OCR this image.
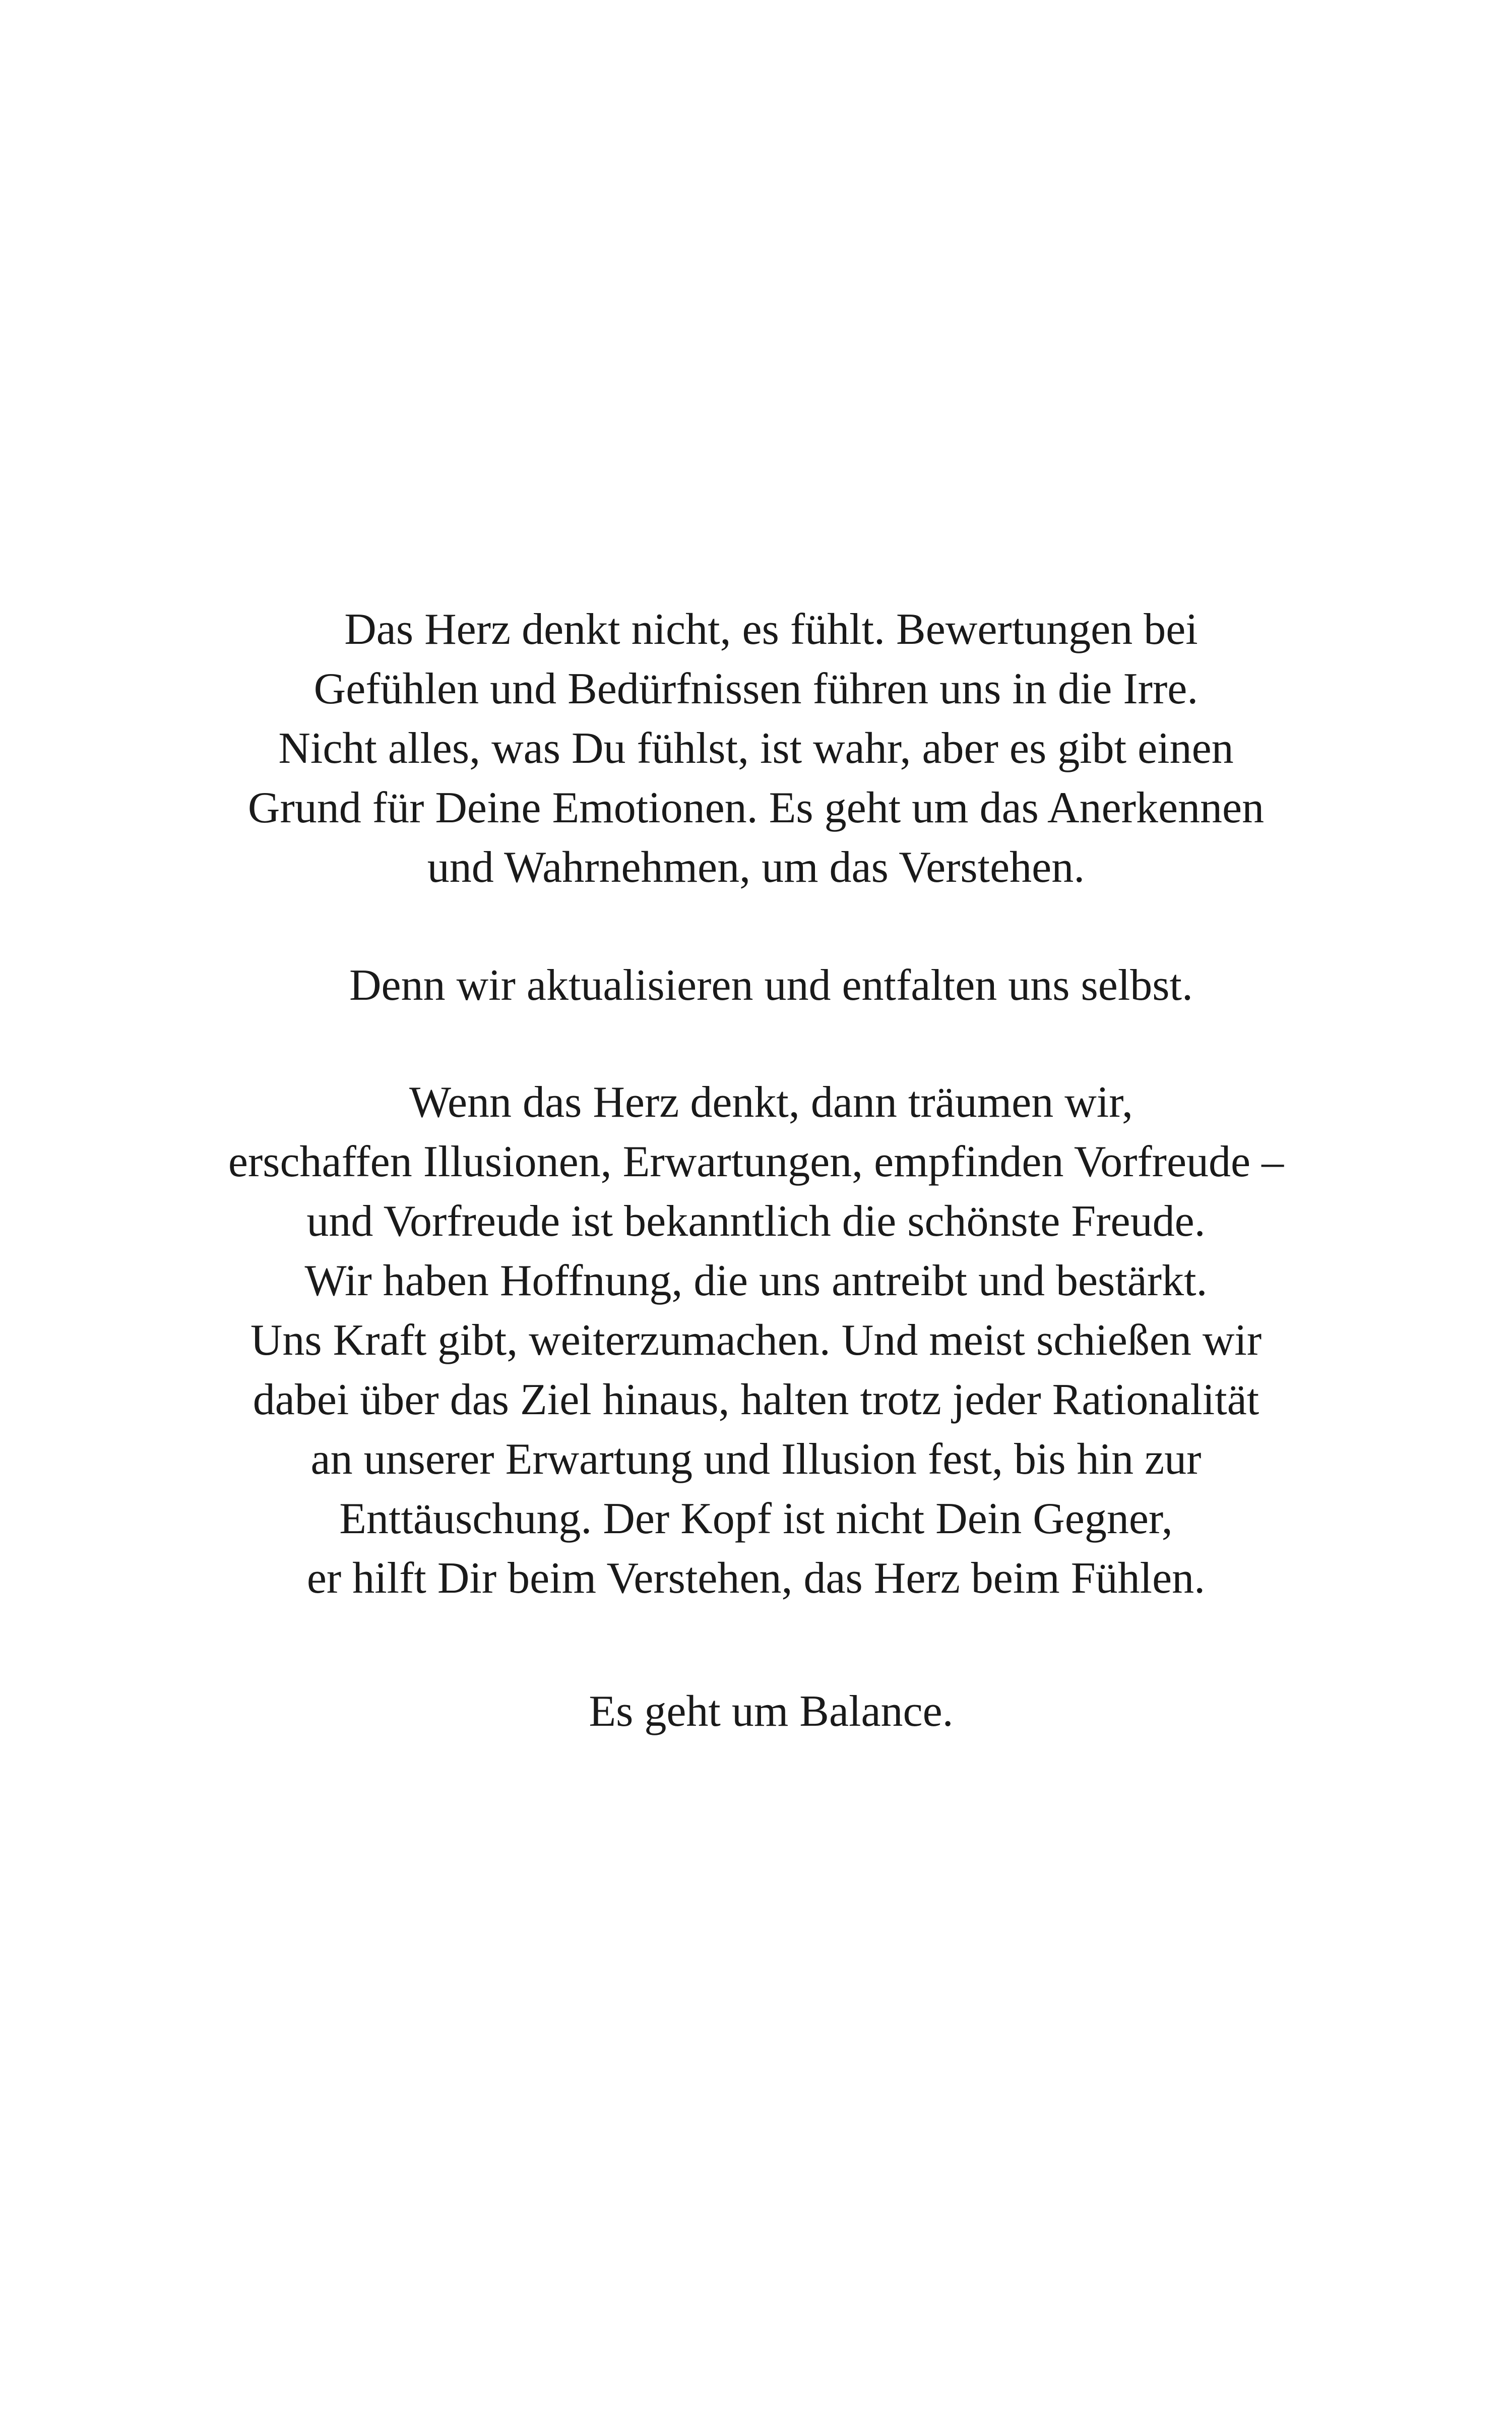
Das Herz denkt nicht, es fühlt. Bewertungen bei
Gefühlen und Bedürfnissen führen uns in die Irre.
Nicht alles, was Du fühlst, ist wahr, aber es gibt einen
Grund für Deine Emotionen. Es geht um das Anerkennen
und Wahrnehmen, um das Verstehen.
Denn wir aktualisieren und entfalten uns selbst.
Wenn das Herz denkt, dann träumen wir,
erschaffen Illusionen, Erwartungen, empfinden Vorfreude –
und Vorfreude ist bekanntlich die schönste Freude.
Wir haben Hoffnung, die uns antreibt und bestärkt.
Uns Kraft gibt, weiterzumachen. Und meist schießen wir
dabei über das Ziel hinaus, halten trotz jeder Rationalität
an unserer Erwartung und Illusion fest, bis hin zur
Enttäuschung. Der Kopf ist nicht Dein Gegner,
er hilft Dir beim Verstehen, das Herz beim Fühlen.
Es geht um Balance.
